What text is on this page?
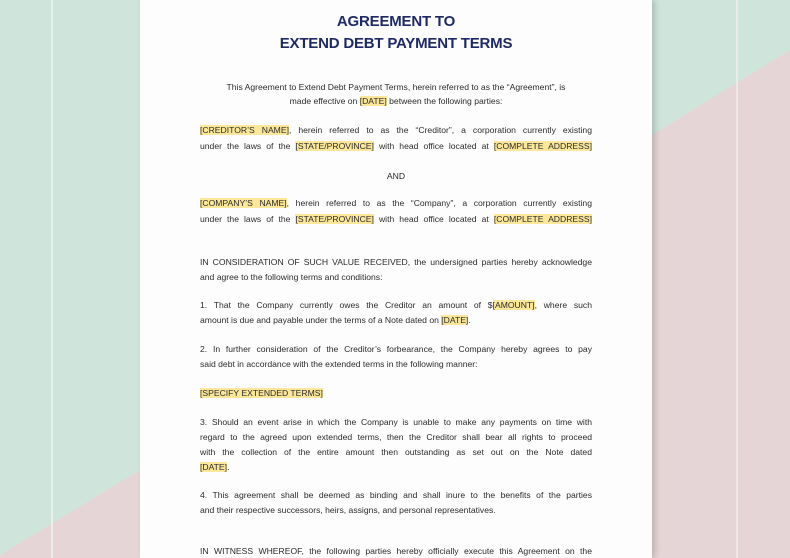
AGREEMENT TO
EXTEND DEBT PAYMENT TERMS
This Agreement to Extend Debt Payment Terms, herein referred to as the “Agreement”, is
made effective on [DATE] between the following parties:
[CREDITOR’S NAME], herein referred to as the “Creditor”, a corporation currently existing
under the laws of the [STATE/PROVINCE] with head office located at [COMPLETE ADDRESS]
AND
[COMPANY’S NAME], herein referred to as the “Company”, a corporation currently existing
under the laws of the [STATE/PROVINCE] with head office located at [COMPLETE ADDRESS]
IN CONSIDERATION OF SUCH VALUE RECEIVED, the undersigned parties hereby acknowledge
and agree to the following terms and conditions:
1. That the Company currently owes the Creditor an amount of $[AMOUNT], where such
amount is due and payable under the terms of a Note dated on [DATE].
2. In further consideration of the Creditor’s forbearance, the Company hereby agrees to pay
said debt in accordance with the extended terms in the following manner:
[SPECIFY EXTENDED TERMS]
3. Should an event arise in which the Company is unable to make any payments on time with
regard to the agreed upon extended terms, then the Creditor shall bear all rights to proceed
with the collection of the entire amount then outstanding as set out on the Note dated
[DATE].
4. This agreement shall be deemed as binding and shall inure to the benefits of the parties
and their respective successors, heirs, assigns, and personal representatives.
IN WITNESS WHEREOF, the following parties hereby officially execute this Agreement on the
